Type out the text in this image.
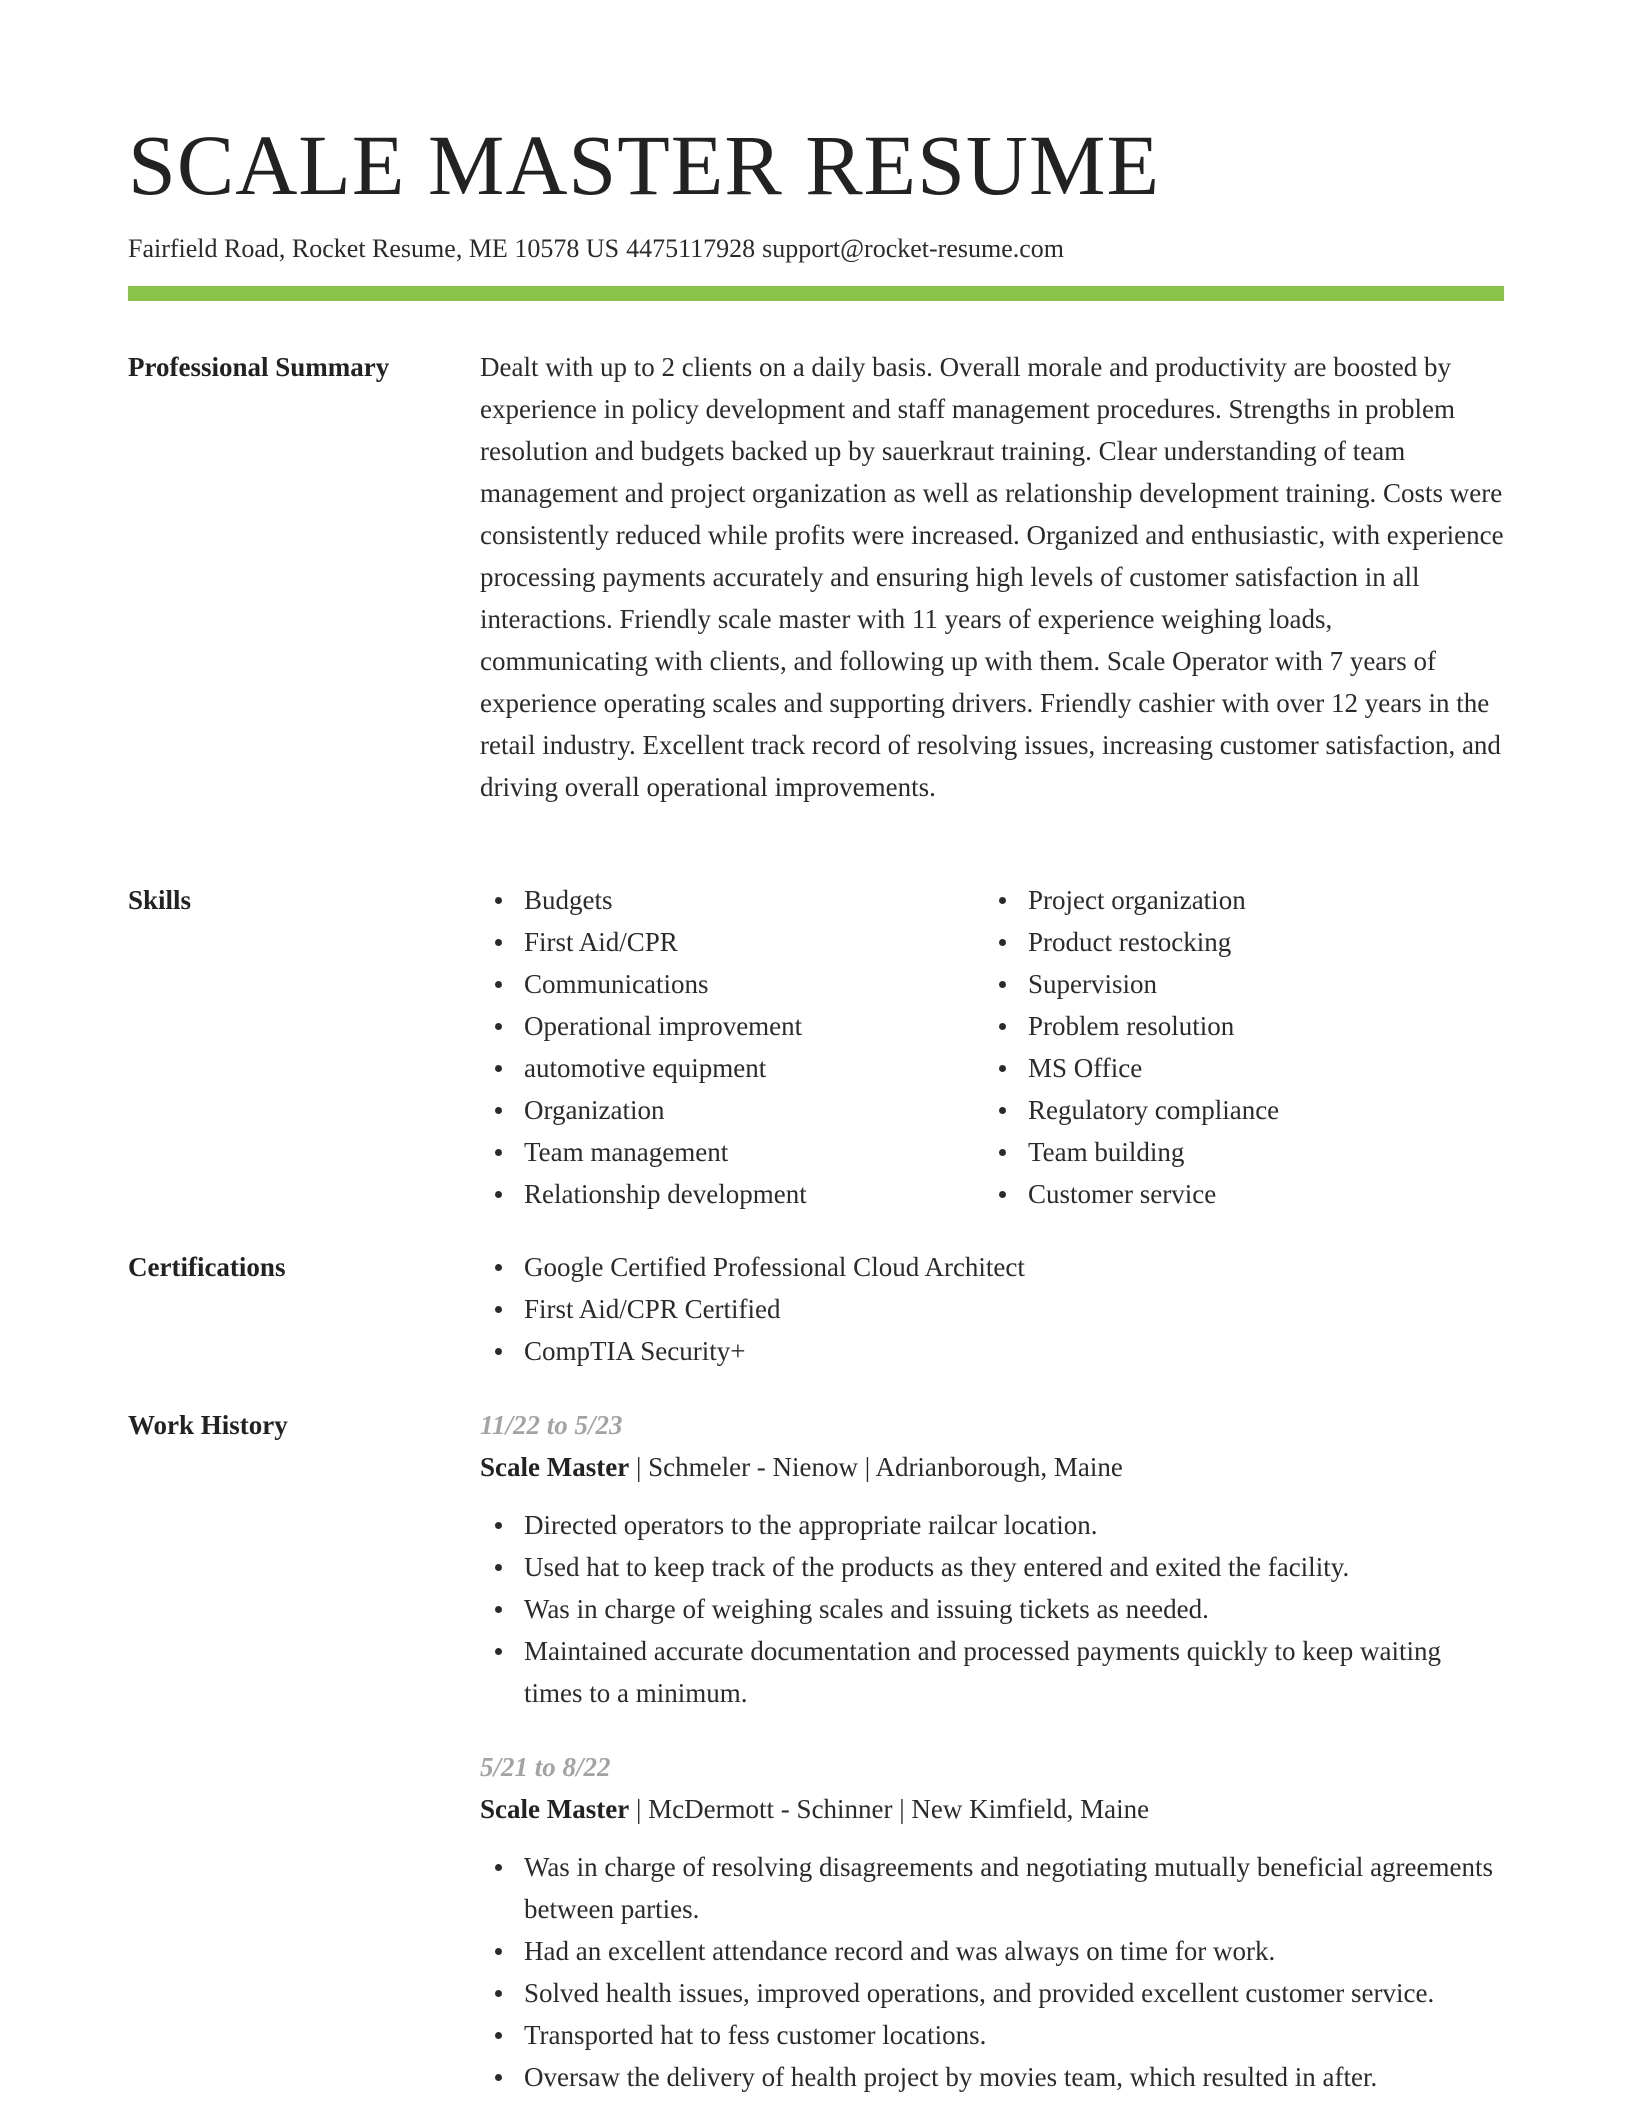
SCALE MASTER RESUME
Fairfield Road, Rocket Resume, ME 10578 US 4475117928 support@rocket-resume.com
Professional Summary	Dealt with up to 2 clients on a daily basis. Overall morale and productivity are boosted by experience in policy development and staff management procedures. Strengths in problem resolution and budgets backed up by sauerkraut training. Clear understanding of team management and project organization as well as relationship development training. Costs were consistently reduced while profits were increased. Organized and enthusiastic, with experience processing payments accurately and ensuring high levels of customer satisfaction in all interactions. Friendly scale master with 11 years of experience weighing loads, communicating with clients, and following up with them. Scale Operator with 7 years of experience operating scales and supporting drivers. Friendly cashier with over 12 years in the retail industry. Excellent track record of resolving issues, increasing customer satisfaction, and driving overall operational improvements.

Skills	Budgets
First Aid/CPR
Communications
Operational improvement
automotive equipment
Organization
Team management
Relationship development
Project organization
Product restocking
Supervision
Problem resolution
MS Office
Regulatory compliance
Team building
Customer service
Certifications	Google Certified Professional Cloud Architect
First Aid/CPR Certified
CompTIA Security+
Work History	11/22 to 5/23
Scale Master | Schmeler - Nienow | Adrianborough, Maine
Directed operators to the appropriate railcar location.
Used hat to keep track of the products as they entered and exited the facility.
Was in charge of weighing scales and issuing tickets as needed.
Maintained accurate documentation and processed payments quickly to keep waiting times to a minimum.
5/21 to 8/22
Scale Master | McDermott - Schinner | New Kimfield, Maine
Was in charge of resolving disagreements and negotiating mutually beneficial agreements between parties.
Had an excellent attendance record and was always on time for work.
Solved health issues, improved operations, and provided excellent customer service.
Transported hat to fess customer locations.
Oversaw the delivery of health project by movies team, which resulted in after.
